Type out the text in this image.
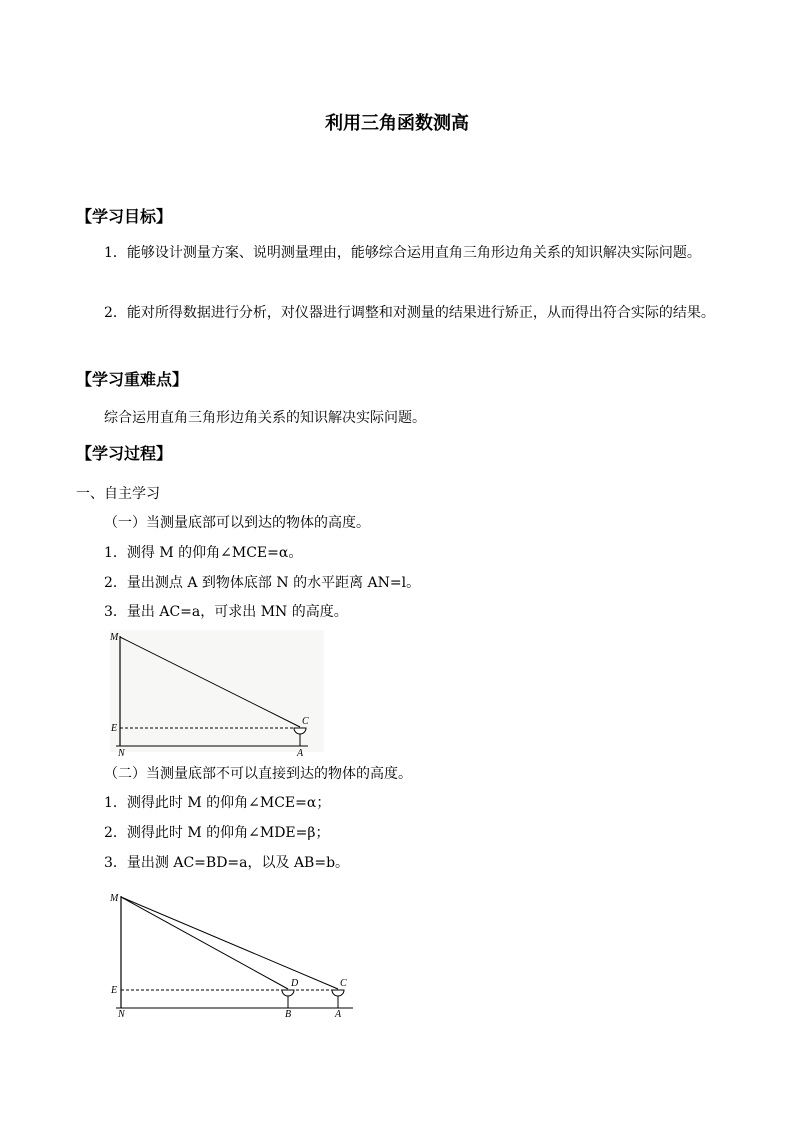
利用三角函数测高
【学习目标】
1．能够设计测量方案、说明测量理由，能够综合运用直角三角形边角关系的知识解决实际问题。
2．能对所得数据进行分析，对仪器进行调整和对测量的结果进行矫正，从而得出符合实际的结果。
【学习重难点】
综合运用直角三角形边角关系的知识解决实际问题。
【学习过程】
一、自主学习
（一）当测量底部可以到达的物体的高度。
1．测得 M 的仰角∠MCE=α。
2．量出测点 A 到物体底部 N 的水平距离 AN=l。
3．量出 AC=a，可求出 MN 的高度。
M
E
N
C
A
（二）当测量底部不可以直接到达的物体的高度。
1．测得此时 M 的仰角∠MCE=α；
2．测得此时 M 的仰角∠MDE=β；
3．量出测 AC=BD=a，以及 AB=b。
M
E
N
D	C
B	A
